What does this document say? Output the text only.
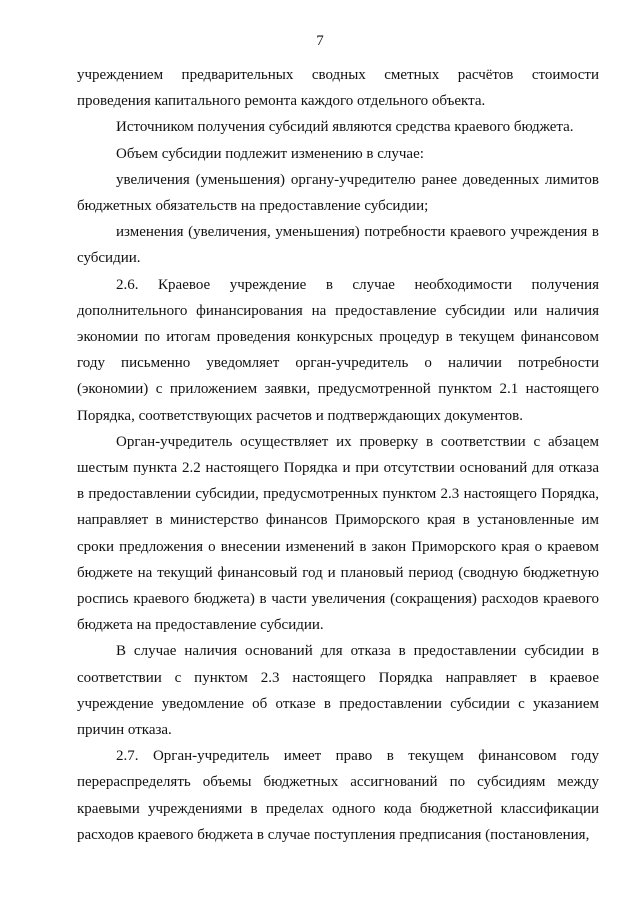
7

учреждением предварительных сводных сметных расчётов стоимости проведения капитального ремонта каждого отдельного объекта.

Источником получения субсидий являются средства краевого бюджета.

Объем субсидии подлежит изменению в случае:

увеличения (уменьшения) органу-учредителю ранее доведенных лимитов бюджетных обязательств на предоставление субсидии;

изменения (увеличения, уменьшения) потребности краевого учреждения в субсидии.

2.6. Краевое учреждение в случае необходимости получения дополнительного финансирования на предоставление субсидии или наличия экономии по итогам проведения конкурсных процедур в текущем финансовом году письменно уведомляет орган-учредитель о наличии потребности (экономии) с приложением заявки, предусмотренной пунктом 2.1 настоящего Порядка, соответствующих расчетов и подтверждающих документов.

Орган-учредитель осуществляет их проверку в соответствии с абзацем шестым пункта 2.2 настоящего Порядка и при отсутствии оснований для отказа в предоставлении субсидии, предусмотренных пунктом 2.3 настоящего Порядка, направляет в министерство финансов Приморского края в установленные им сроки предложения о внесении изменений в закон Приморского края о краевом бюджете на текущий финансовый год и плановый период (сводную бюджетную роспись краевого бюджета) в части увеличения (сокращения) расходов краевого бюджета на предоставление субсидии.

В случае наличия оснований для отказа в предоставлении субсидии в соответствии с пунктом 2.3 настоящего Порядка направляет в краевое учреждение уведомление об отказе в предоставлении субсидии с указанием причин отказа.

2.7. Орган-учредитель имеет право в текущем финансовом году перераспределять объемы бюджетных ассигнований по субсидиям между краевыми учреждениями в пределах одного кода бюджетной классификации расходов краевого бюджета в случае поступления предписания (постановления,
